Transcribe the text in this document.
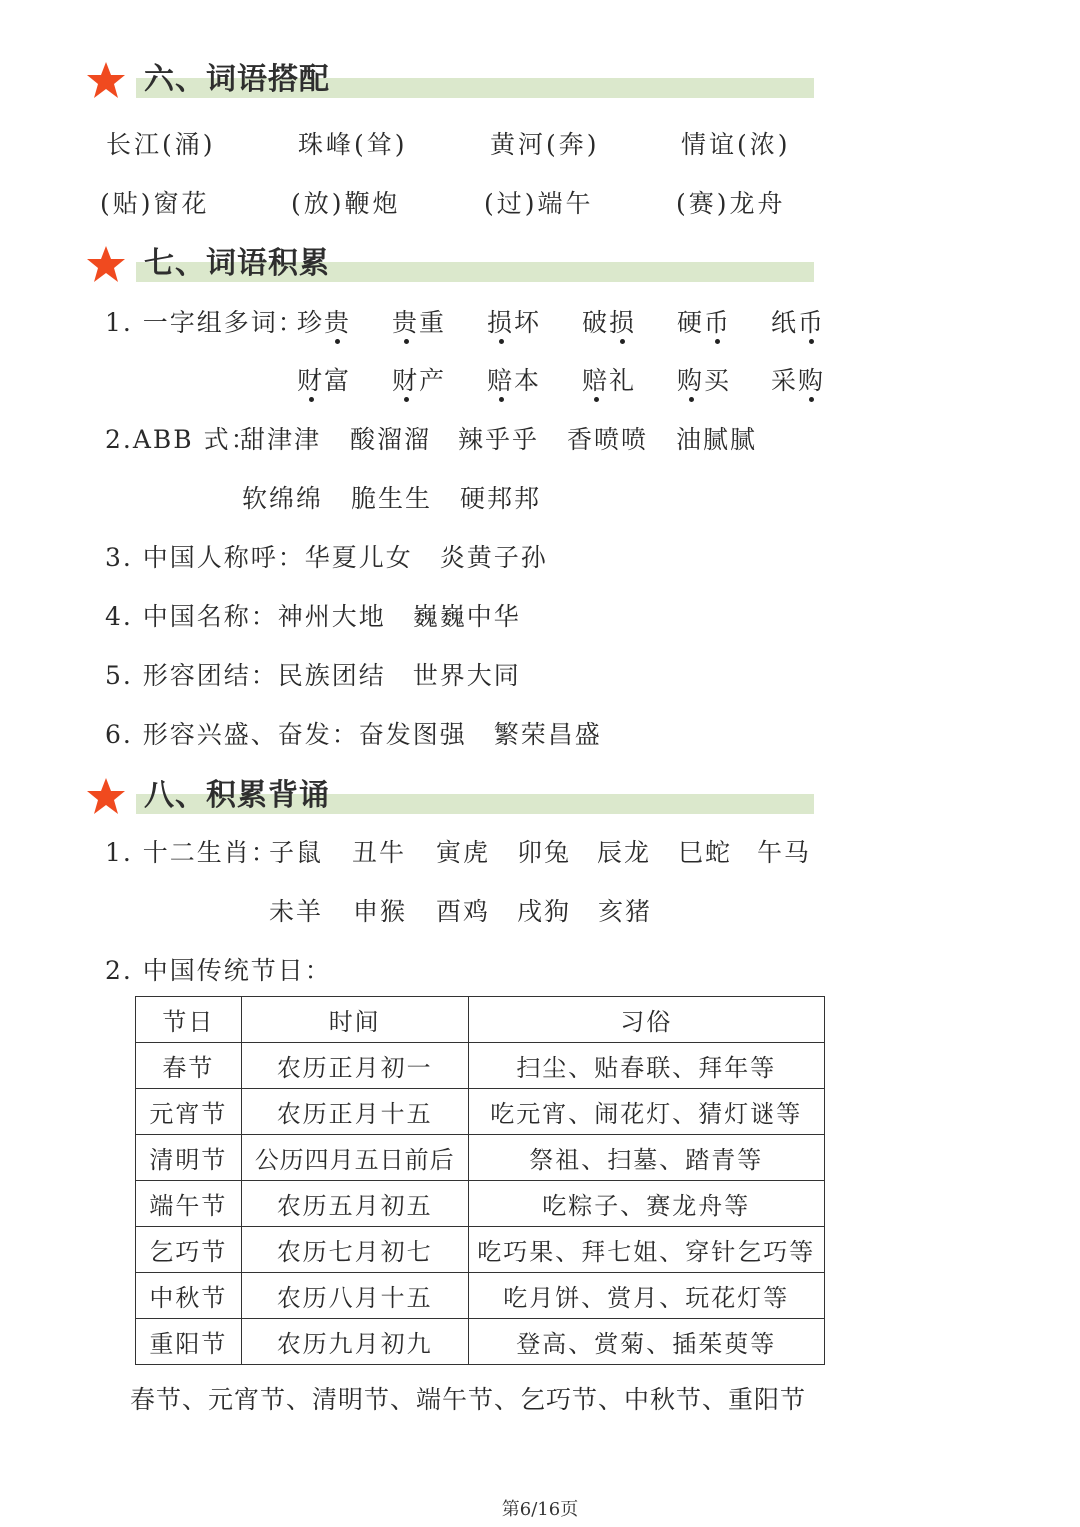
六、词语搭配
长江(涌)	珠峰(耸)	黄河(奔)	情谊(浓)
(贴)窗花	(放)鞭炮	(过)端午	(赛)龙舟
七、词语积累
1. 一字组多词：
珍贵 贵重 损坏 破损 硬币 纸币
财富 财产 赔本 赔礼 购买 采购
2.ABB 式：
甜津津 酸溜溜 辣乎乎 香喷喷 油腻腻
软绵绵 脆生生 硬邦邦
3. 中国人称呼：华夏儿女　炎黄子孙
4. 中国名称：神州大地　巍巍中华
5. 形容团结：民族团结　世界大同
6. 形容兴盛、奋发：奋发图强　繁荣昌盛
八、积累背诵
1. 十二生肖：
子鼠 丑牛 寅虎 卯兔 辰龙 巳蛇 午马
未羊 申猴 酉鸡 戌狗 亥猪
2. 中国传统节日：
节日	时间	习俗
春节	农历正月初一	扫尘、贴春联、拜年等
元宵节	农历正月十五	吃元宵、闹花灯、猜灯谜等
清明节	公历四月五日前后	祭祖、扫墓、踏青等
端午节	农历五月初五	吃粽子、赛龙舟等
乞巧节	农历七月初七	吃巧果、拜七姐、穿针乞巧等
中秋节	农历八月十五	吃月饼、赏月、玩花灯等
重阳节	农历九月初九	登高、赏菊、插茱萸等
春节、元宵节、清明节、端午节、乞巧节、中秋节、重阳节
第6/16页
